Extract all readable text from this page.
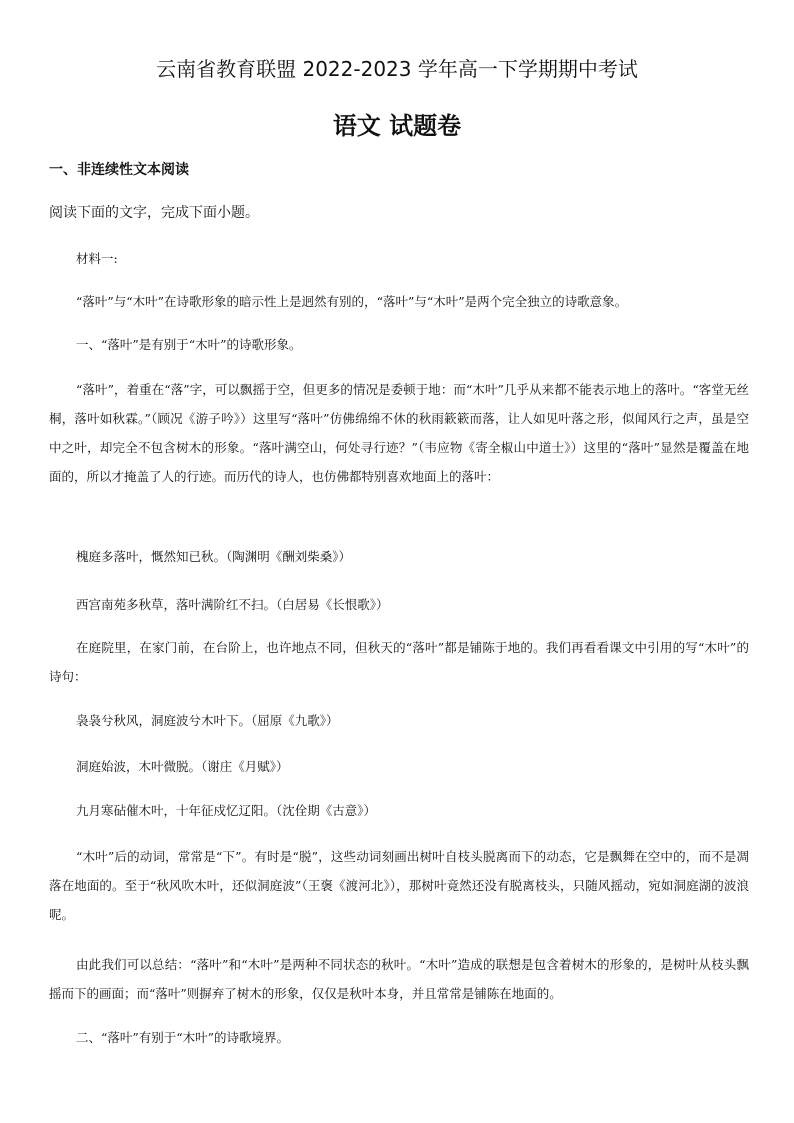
云南省教育联盟 2022-2023 学年高一下学期期中考试
语文 试题卷
一、非连续性文本阅读
阅读下面的文字，完成下面小题。

材料一:

“落叶”与“木叶”在诗歌形象的暗示性上是迥然有别的，“落叶”与“木叶”是两个完全独立的诗歌意象。

一、“落叶”是有别于“木叶”的诗歌形象。

“落叶”，着重在“落”字，可以飘摇于空，但更多的情况是委顿于地：而“木叶”几乎从来都不能表示地上的落叶。“客堂无丝桐，落叶如秋霖。”（顾况《游子吟》）这里写“落叶”仿佛绵绵不休的秋雨簌簌而落，让人如见叶落之形，似闻风行之声，虽是空中之叶，却完全不包含树木的形象。“落叶满空山，何处寻行迹？”（韦应物《寄全椒山中道士》）这里的“落叶”显然是覆盖在地面的，所以才掩盖了人的行迹。而历代的诗人，也仿佛都特别喜欢地面上的落叶：

槐庭多落叶，慨然知已秋。（陶渊明《酬刘柴桑》）

西宫南苑多秋草，落叶满阶红不扫。（白居易《长恨歌》）

在庭院里，在家门前，在台阶上，也许地点不同，但秋天的“落叶”都是铺陈于地的。我们再看看课文中引用的写“木叶”的诗句：

袅袅兮秋风，洞庭波兮木叶下。（屈原《九歌》）

洞庭始波，木叶微脱。（谢庄《月赋》）

九月寒砧催木叶，十年征戍忆辽阳。（沈佺期《古意》）

“木叶”后的动词，常常是“下”。有时是“脱”，这些动词刻画出树叶自枝头脱离而下的动态，它是飘舞在空中的，而不是凋落在地面的。至于“秋风吹木叶，还似洞庭波”（王褒《渡河北》），那树叶竟然还没有脱离枝头，只随风摇动，宛如洞庭湖的波浪呢。

由此我们可以总结：“落叶”和“木叶”是两种不同状态的秋叶。“木叶”造成的联想是包含着树木的形象的，是树叶从枝头飘摇而下的画面；而“落叶”则摒弃了树木的形象，仅仅是秋叶本身，并且常常是铺陈在地面的。

二、“落叶”有别于“木叶”的诗歌境界。
